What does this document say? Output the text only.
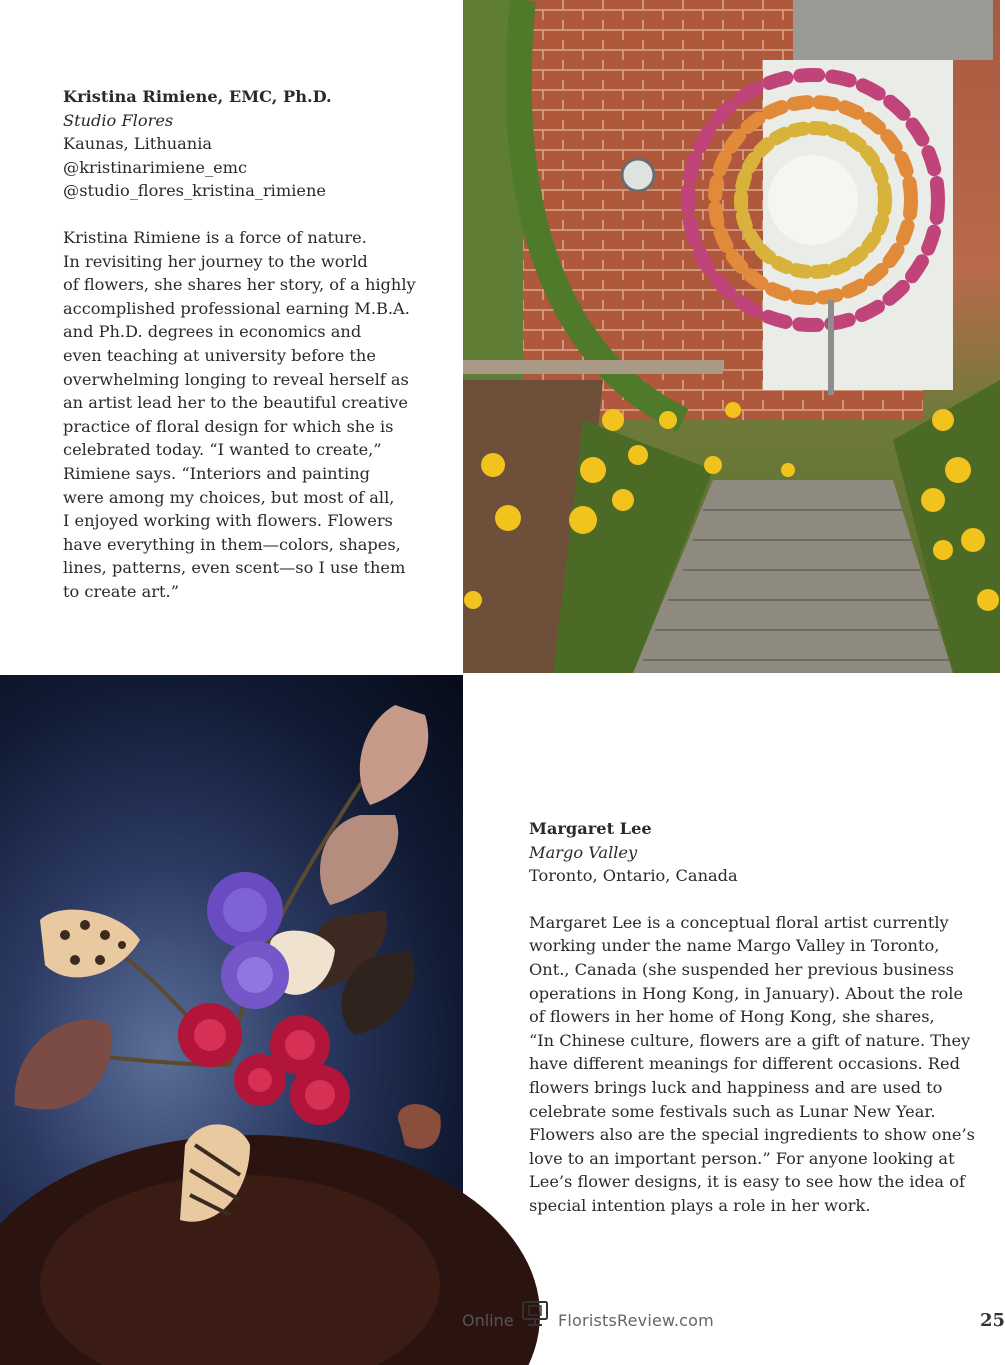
Kristina Rimiene, EMC, Ph.D.
Studio Flores
Kaunas, Lithuania
@kristinarimiene_emc
@studio_flores_kristina_rimiene
Kristina Rimiene is a force of nature.
In revisiting her journey to the world
of flowers, she shares her story, of a highly
accomplished professional earning M.B.A.
and Ph.D. degrees in economics and
even teaching at university before the
overwhelming longing to reveal herself as
an artist lead her to the beautiful creative
practice of floral design for which she is
celebrated today. “I wanted to create,”
Rimiene says. “Interiors and painting
were among my choices, but most of all,
I enjoyed working with flowers. Flowers
have everything in them—colors, shapes,
lines, patterns, even scent—so I use them
to create art.”
Margaret Lee
Margo Valley
Toronto, Ontario, Canada
Margaret Lee is a conceptual floral artist currently
working under the name Margo Valley in Toronto,
Ont., Canada (she suspended her previous business
operations in Hong Kong, in January). About the role
of flowers in her home of Hong Kong, she shares,
“In Chinese culture, flowers are a gift of nature. They
have different meanings for different occasions. Red
flowers brings luck and happiness and are used to
celebrate some festivals such as Lunar New Year.
Flowers also are the special ingredients to show one’s
love to an important person.” For anyone looking at
Lee’s flower designs, it is easy to see how the idea of
special intention plays a role in her work.
Online	FloristsReview.com	25
